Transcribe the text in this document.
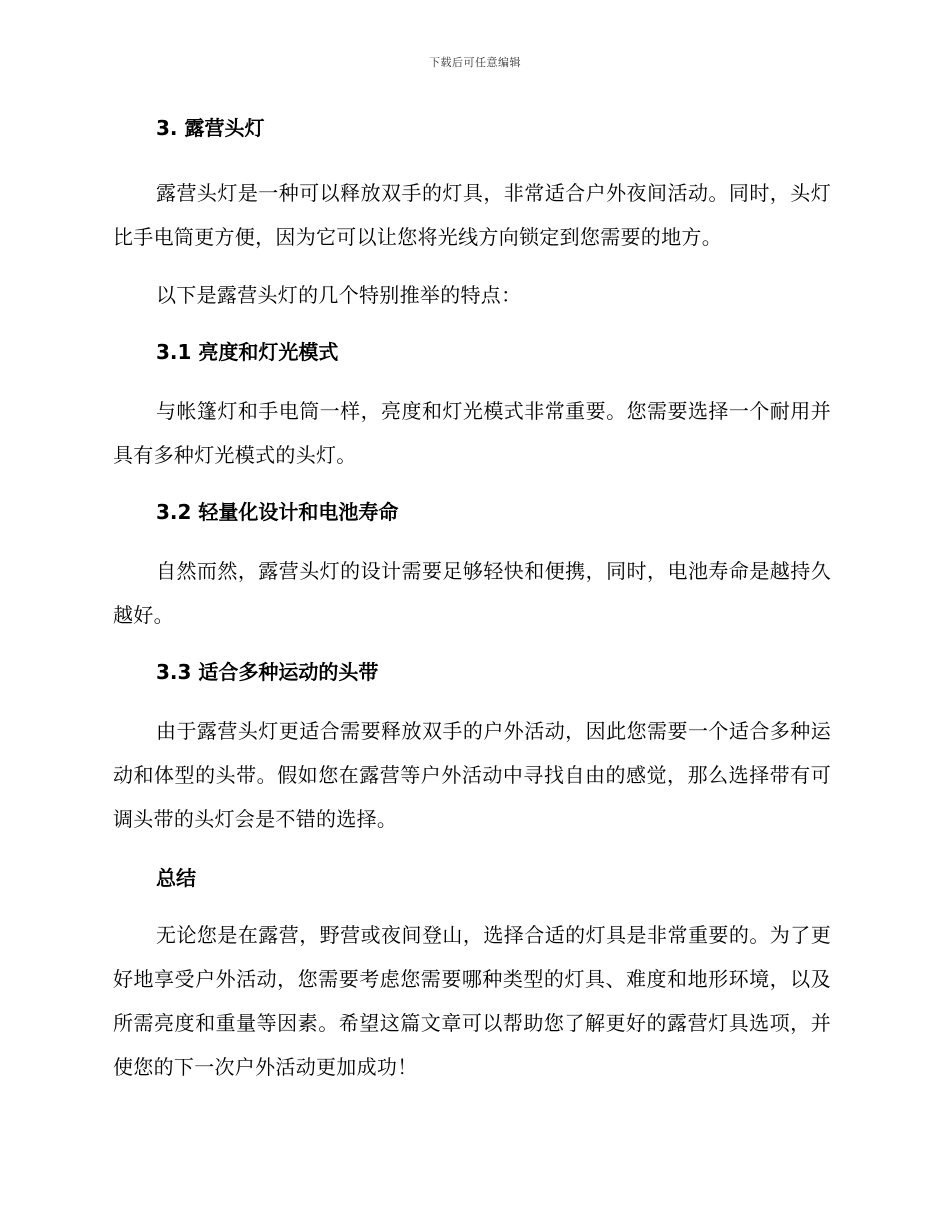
下载后可任意编辑
3. 露营头灯

露营头灯是一种可以释放双手的灯具，非常适合户外夜间活动。同时，头灯比手电筒更方便，因为它可以让您将光线方向锁定到您需要的地方。

以下是露营头灯的几个特别推举的特点：

3.1 亮度和灯光模式

与帐篷灯和手电筒一样，亮度和灯光模式非常重要。您需要选择一个耐用并具有多种灯光模式的头灯。

3.2 轻量化设计和电池寿命

自然而然，露营头灯的设计需要足够轻快和便携，同时，电池寿命是越持久越好。

3.3 适合多种运动的头带

由于露营头灯更适合需要释放双手的户外活动，因此您需要一个适合多种运动和体型的头带。假如您在露营等户外活动中寻找自由的感觉，那么选择带有可调头带的头灯会是不错的选择。

总结

无论您是在露营，野营或夜间登山，选择合适的灯具是非常重要的。为了更好地享受户外活动，您需要考虑您需要哪种类型的灯具、难度和地形环境，以及所需亮度和重量等因素。希望这篇文章可以帮助您了解更好的露营灯具选项，并使您的下一次户外活动更加成功！
